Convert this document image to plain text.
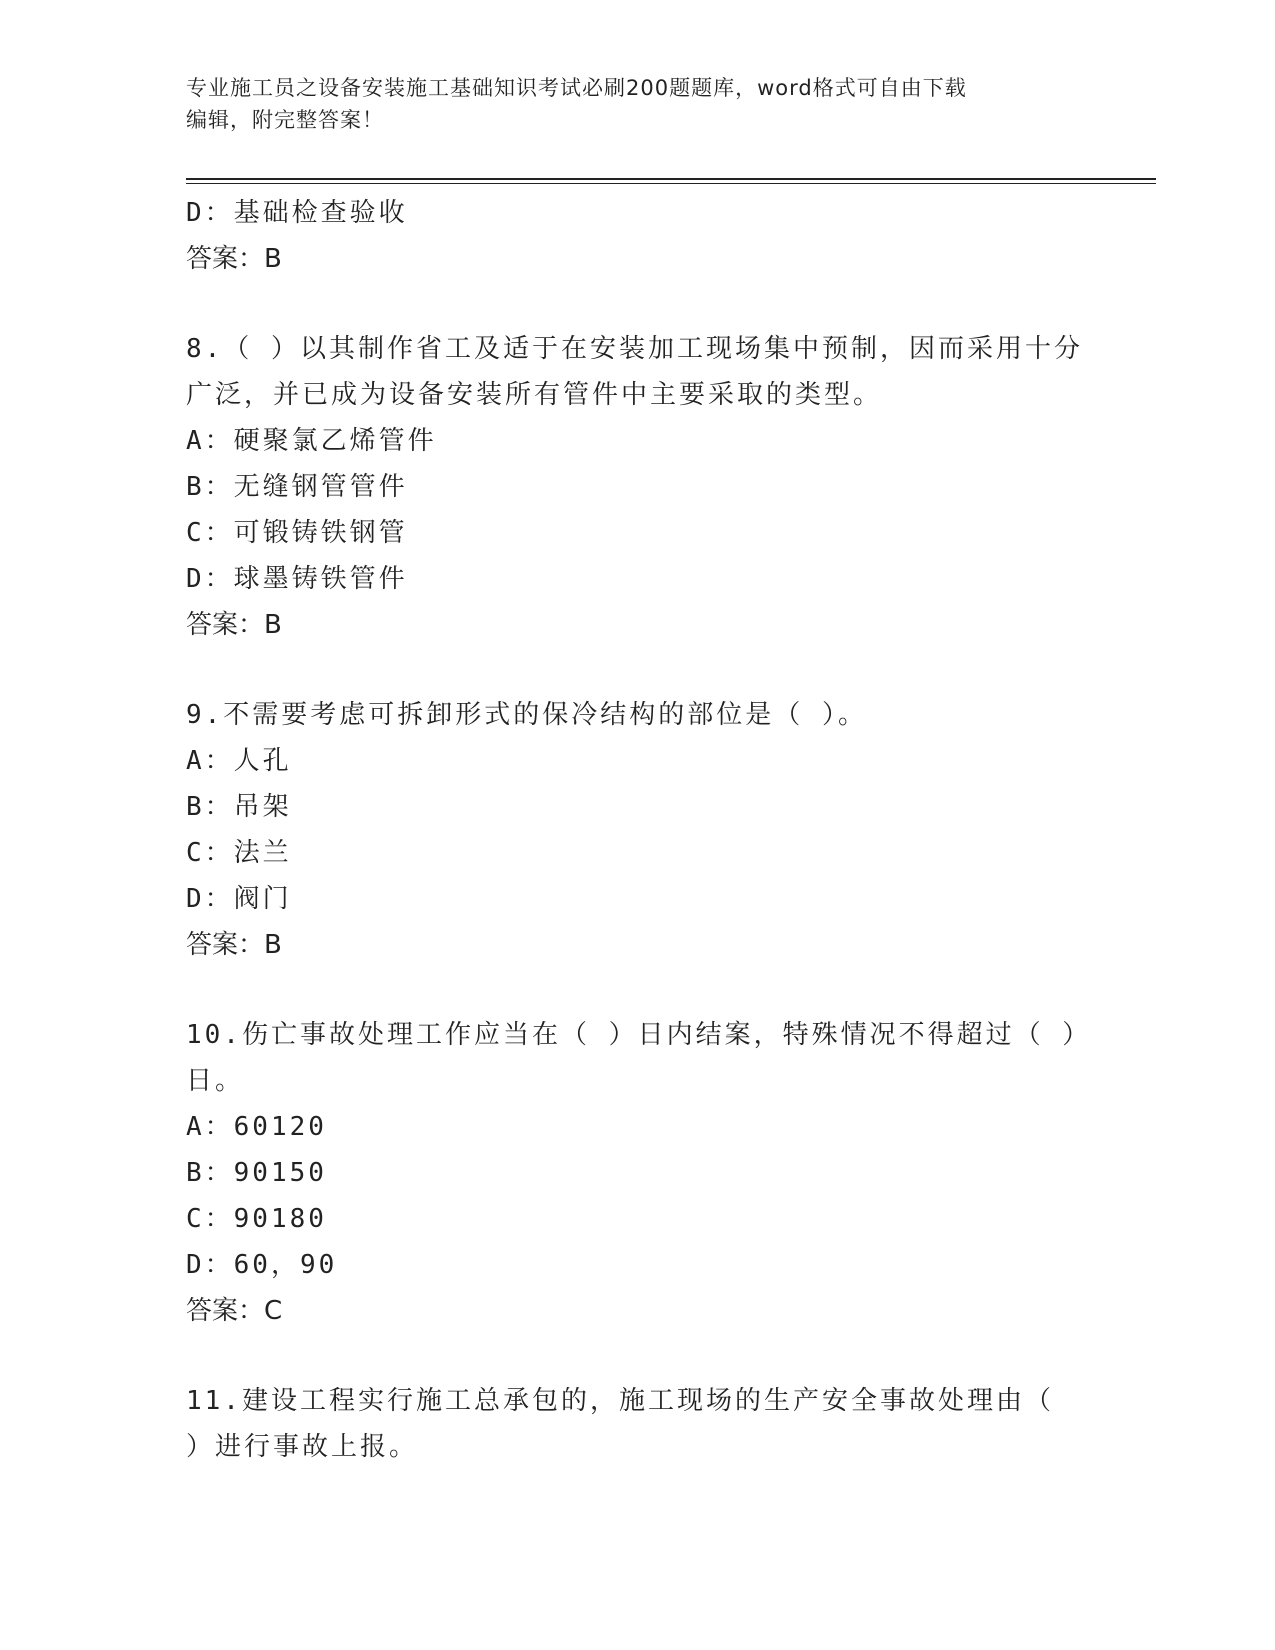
专业施工员之设备安装施工基础知识考试必刷200题题库，word格式可自由下载
编辑，附完整答案！

D：基础检查验收

答案：B

8.（ ）以其制作省工及适于在安装加工现场集中预制，因而采用十分

广泛，并已成为设备安装所有管件中主要采取的类型。

A：硬聚氯乙烯管件

B：无缝钢管管件

C：可锻铸铁钢管

D：球墨铸铁管件

答案：B

9.不需要考虑可拆卸形式的保冷结构的部位是（ ）。

A：人孔

B：吊架

C：法兰

D：阀门

答案：B

10.伤亡事故处理工作应当在（ ）日内结案，特殊情况不得超过（ ）

日。

A：60120

B：90150

C：90180

D：60，90

答案：C

11.建设工程实行施工总承包的，施工现场的生产安全事故处理由（

）进行事故上报。
